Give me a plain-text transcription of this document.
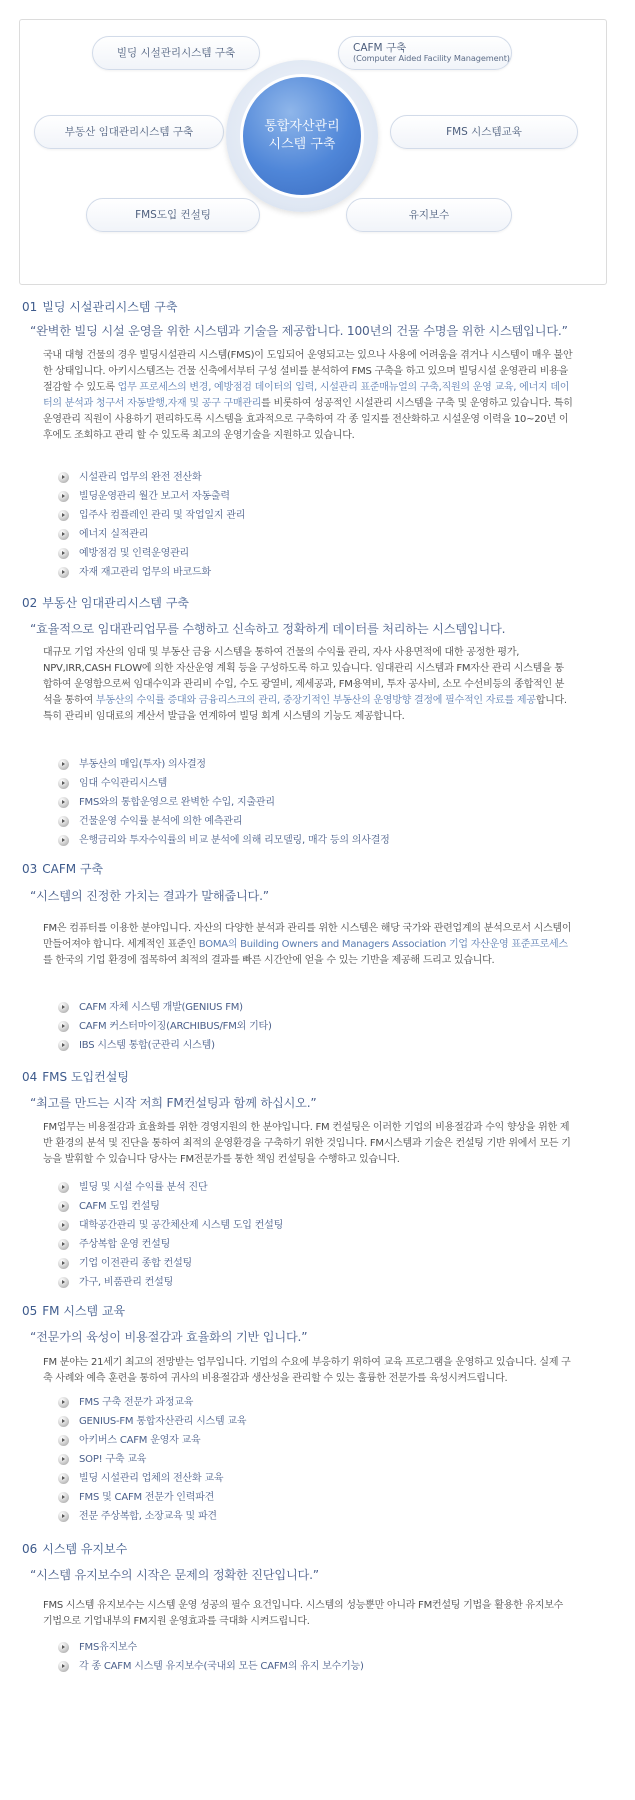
빌딩 시설관리시스템 구축	CAFM 구축
(Computer Aided Facility Management)
부동산 임대관리시스템 구축	FMS 시스템교육
FMS도입 컨설팅	유지보수
통합자산관리
시스템 구축
01 빌딩 시설관리시스템 구축
“완벽한 빌딩 시설 운영을 위한 시스템과 기술을 제공합니다. 100년의 건물 수명을 위한 시스템입니다.”
국내 대형 건물의 경우 빌딩시설관리 시스템(FMS)이 도입되어 운영되고는 있으나 사용에 어려움을 겪거나 시스템이 매우 불안한 상태입니다. 아키시스템즈는 건물 신축에서부터 구성 설비를 분석하여 FMS 구축을 하고 있으며 빌딩시설 운영관리 비용을 절감할 수 있도록 업무 프로세스의 변경, 예방점검 데이터의 입력, 시설관리 표준매뉴얼의 구축,직원의 운영 교육, 에너지 데이터의 분석과 청구서 자동발행,자재 및 공구 구매관리를 비롯하여 성공적인 시설관리 시스템을 구축 및 운영하고 있습니다. 특히 운영관리 직원이 사용하기 편리하도록 시스템을 효과적으로 구축하여 각 종 일지를 전산화하고 시설운영 이력을 10~20년 이후에도 조회하고 관리 할 수 있도록 최고의 운영기술을 지원하고 있습니다.
시설관리 업무의 완전 전산화
빌딩운영관리 월간 보고서 자동출력
입주사 컴플레인 관리 및 작업일지 관리
에너지 실적관리
예방점검 및 인력운영관리
자재 재고관리 업무의 바코드화
02 부동산 임대관리시스템 구축
“효율적으로 임대관리업무를 수행하고 신속하고 정확하게 데이터를 처리하는 시스템입니다.
대규모 기업 자산의 임대 및 부동산 금융 시스템을 통하여 건물의 수익률 관리, 자사 사용면적에 대한 공정한 평가, NPV,IRR,CASH FLOW에 의한 자산운영 계획 등을 구성하도록 하고 있습니다. 임대관리 시스템과 FM자산 관리 시스템을 통합하여 운영함으로써 임대수익과 관리비 수입, 수도 광열비, 제세공과, FM용역비, 투자 공사비, 소모 수선비등의 종합적인 분석을 통하여 부동산의 수익률 증대와 금융리스크의 관리, 중장기적인 부동산의 운영방향 결정에 필수적인 자료를 제공합니다. 특히 관리비 임대료의 계산서 발급을 연계하여 빌딩 회계 시스템의 기능도 제공합니다.
부동산의 매입(투자) 의사결정
임대 수익관리시스템
FMS와의 통합운영으로 완벽한 수입, 지출관리
건물운영 수익률 분석에 의한 예측관리
은행금리와 투자수익률의 비교 분석에 의해 리모델링, 매각 등의 의사결정
03 CAFM 구축
“시스템의 진정한 가치는 결과가 말해줍니다.”
FM은 컴퓨터를 이용한 분야입니다. 자산의 다양한 분석과 관리를 위한 시스템은 해당 국가와 관련업계의 분석으로서 시스템이 만들어져야 합니다. 세계적인 표준인 BOMA의 Building Owners and Managers Association 기업 자산운영 표준프로세스를 한국의 기업 환경에 접목하여 최적의 결과를 빠른 시간안에 얻을 수 있는 기반을 제공해 드리고 있습니다.
CAFM 자체 시스템 개발(GENIUS FM)
CAFM 커스터마이징(ARCHIBUS/FM외 기타)
IBS 시스템 통합(군관리 시스템)
04 FMS 도입컨설팅
“최고를 만드는 시작 저희 FM컨설팅과 함께 하십시오.”
FM업무는 비용절감과 효율화를 위한 경영지원의 한 분야입니다. FM 컨설팅은 이러한 기업의 비용절감과 수익 향상을 위한 제반 환경의 분석 및 진단을 통하여 최적의 운영환경을 구축하기 위한 것입니다. FM시스템과 기술은 컨설팅 기반 위에서 모든 기능을 발휘할 수 있습니다 당사는 FM전문가를 통한 책임 컨설팅을 수행하고 있습니다.
빌딩 및 시설 수익률 분석 진단
CAFM 도입 컨설팅
대학공간관리 및 공간체산제 시스템 도입 컨설팅
주상복합 운영 컨설팅
기업 이전관리 종합 컨설팅
가구, 비품관리 컨설팅
05 FM 시스템 교육
“전문가의 육성이 비용절감과 효율화의 기반 입니다.”
FM 분야는 21세기 최고의 전망받는 업무입니다. 기업의 수요에 부응하기 위하여 교육 프로그램을 운영하고 있습니다. 실제 구축 사례와 예측 훈련을 통하여 귀사의 비용절감과 생산성을 관리할 수 있는 훌륭한 전문가를 육성시켜드립니다.
FMS 구축 전문가 과정교육
GENIUS-FM 통합자산관리 시스템 교육
아키버스 CAFM 운영자 교육
SOP! 구축 교육
빌딩 시설관리 업체의 전산화 교육
FMS 및 CAFM 전문가 인력파견
전문 주상복합, 소장교육 및 파견
06 시스템 유지보수
“시스템 유지보수의 시작은 문제의 정확한 진단입니다.”
FMS 시스템 유지보수는 시스템 운영 성공의 필수 요건입니다. 시스템의 성능뿐만 아니라 FM컨설팅 기법을 활용한 유지보수 기법으로 기업내부의 FM지원 운영효과를 극대화 시켜드립니다.
FMS유지보수
각 종 CAFM 시스템 유지보수(국내외 모든 CAFM의 유지 보수기능)
